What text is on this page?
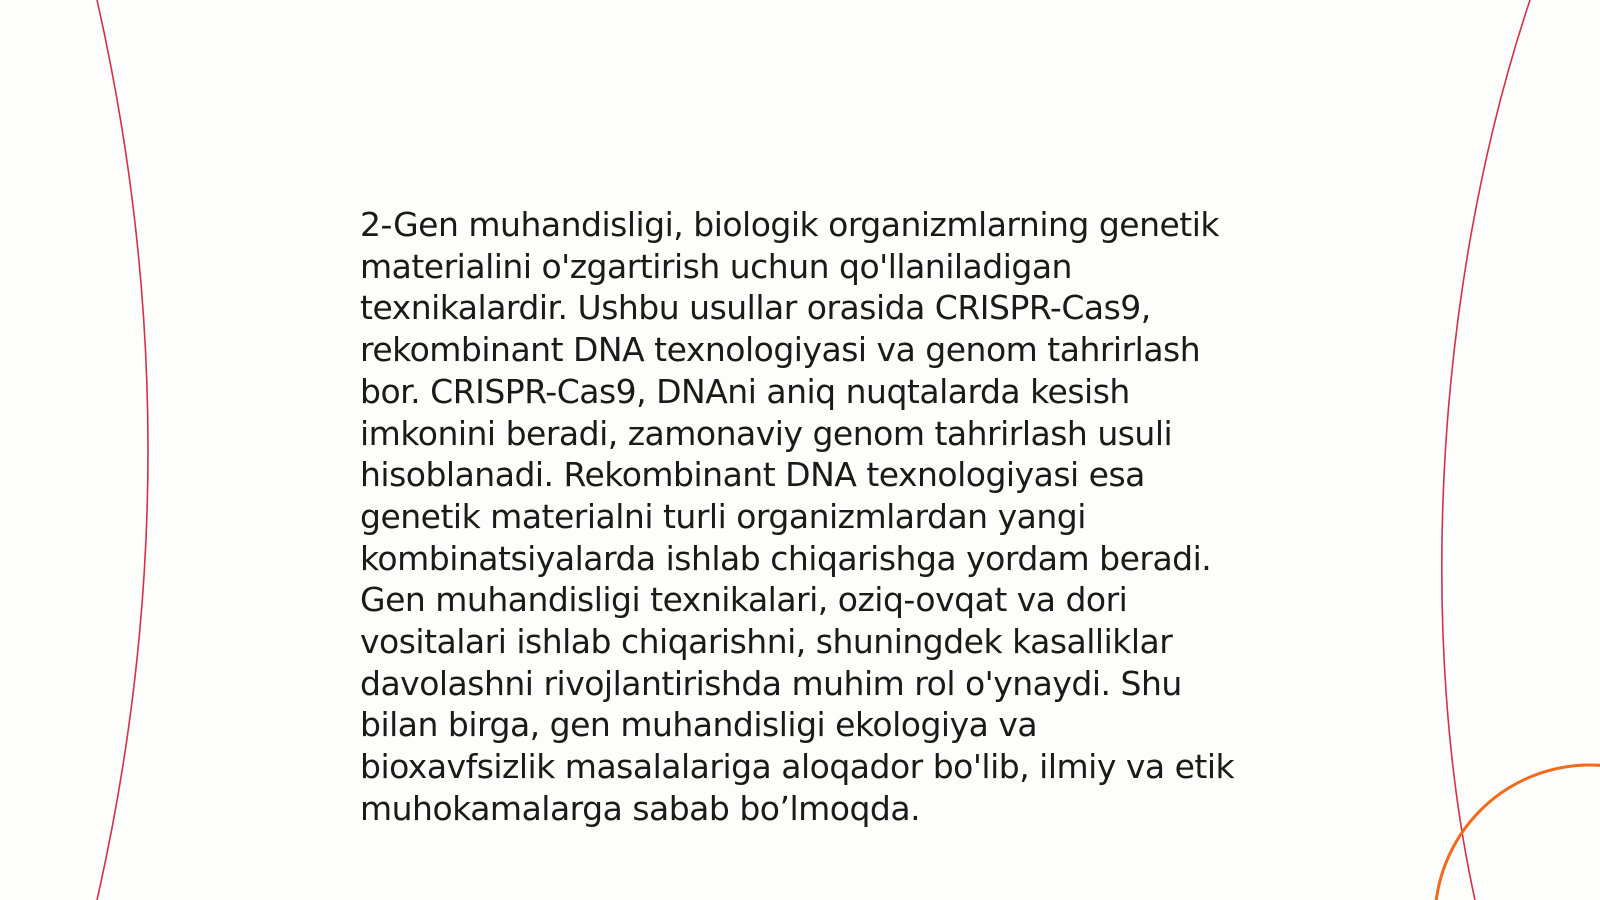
2-Gen muhandisligi, biologik organizmlarning genetik
materialini o'zgartirish uchun qo'llaniladigan
texnikalardir. Ushbu usullar orasida CRISPR-Cas9,
rekombinant DNA texnologiyasi va genom tahrirlash
bor. CRISPR-Cas9, DNAni aniq nuqtalarda kesish
imkonini beradi, zamonaviy genom tahrirlash usuli
hisoblanadi. Rekombinant DNA texnologiyasi esa
genetik materialni turli organizmlardan yangi
kombinatsiyalarda ishlab chiqarishga yordam beradi.
Gen muhandisligi texnikalari, oziq-ovqat va dori
vositalari ishlab chiqarishni, shuningdek kasalliklar
davolashni rivojlantirishda muhim rol o'ynaydi. Shu
bilan birga, gen muhandisligi ekologiya va
bioxavfsizlik masalalariga aloqador bo'lib, ilmiy va etik
muhokamalarga sabab bo’lmoqda.
